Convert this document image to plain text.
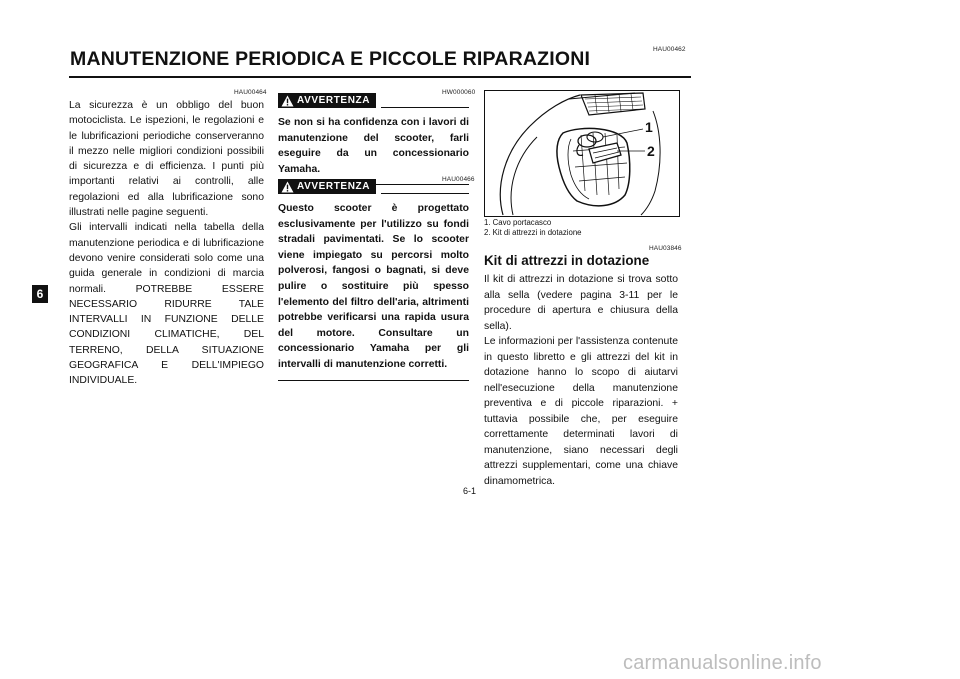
HAU00462
MANUTENZIONE PERIODICA E PICCOLE RIPARAZIONI
6
HAU00464

La sicurezza è un obbligo del buon motociclista. Le ispezioni, le regolazioni e le lubrificazioni periodiche conserveranno il mezzo nelle migliori condizioni possibili di sicurezza e di efficienza. I punti più importanti relativi ai controlli, alle regolazioni ed alla lubrificazione sono illustrati nelle pagine seguenti.

Gli intervalli indicati nella tabella della manutenzione periodica e di lubrificazione devono venire considerati solo come una guida generale in condizioni di marcia normali. POTREBBE ESSERE NECESSARIO RIDURRE TALE INTERVALLI IN FUNZIONE DELLE CONDIZIONI CLIMATICHE, DEL TERRENO, DELLA SITUAZIONE GEOGRAFICA E DELL'IMPIEGO INDIVIDUALE.

HW000060
AVVERTENZA
Se non si ha confidenza con i lavori di manutenzione del scooter, farli eseguire da un concessionario Yamaha.
HAU00466
AVVERTENZA
Questo scooter è progettato esclusivamente per l'utilizzo su fondi stradali pavimentati. Se lo scooter viene impiegato su percorsi molto polverosi, fangosi o bagnati, si deve pulire o sostituire più spesso l'elemento del filtro dell'aria, altrimenti potrebbe verificarsi una rapida usura del motore. Consultare un concessionario Yamaha per gli intervalli di manutenzione corretti.
1
2
1. Cavo portacasco
2. Kit di attrezzi in dotazione
HAU03846
Kit di attrezzi in dotazione

Il kit di attrezzi in dotazione si trova sotto alla sella (vedere pagina 3-11 per le procedure di apertura e chiusura della sella).

Le informazioni per l'assistenza contenute in questo libretto e gli attrezzi del kit in dotazione hanno lo scopo di aiutarvi nell'esecuzione della manutenzione preventiva e di piccole riparazioni. + tuttavia possibile che, per eseguire correttamente determinati lavori di manutenzione, siano necessari degli attrezzi supplementari, come una chiave dinamometrica.

6-1
carmanualsonline.info
